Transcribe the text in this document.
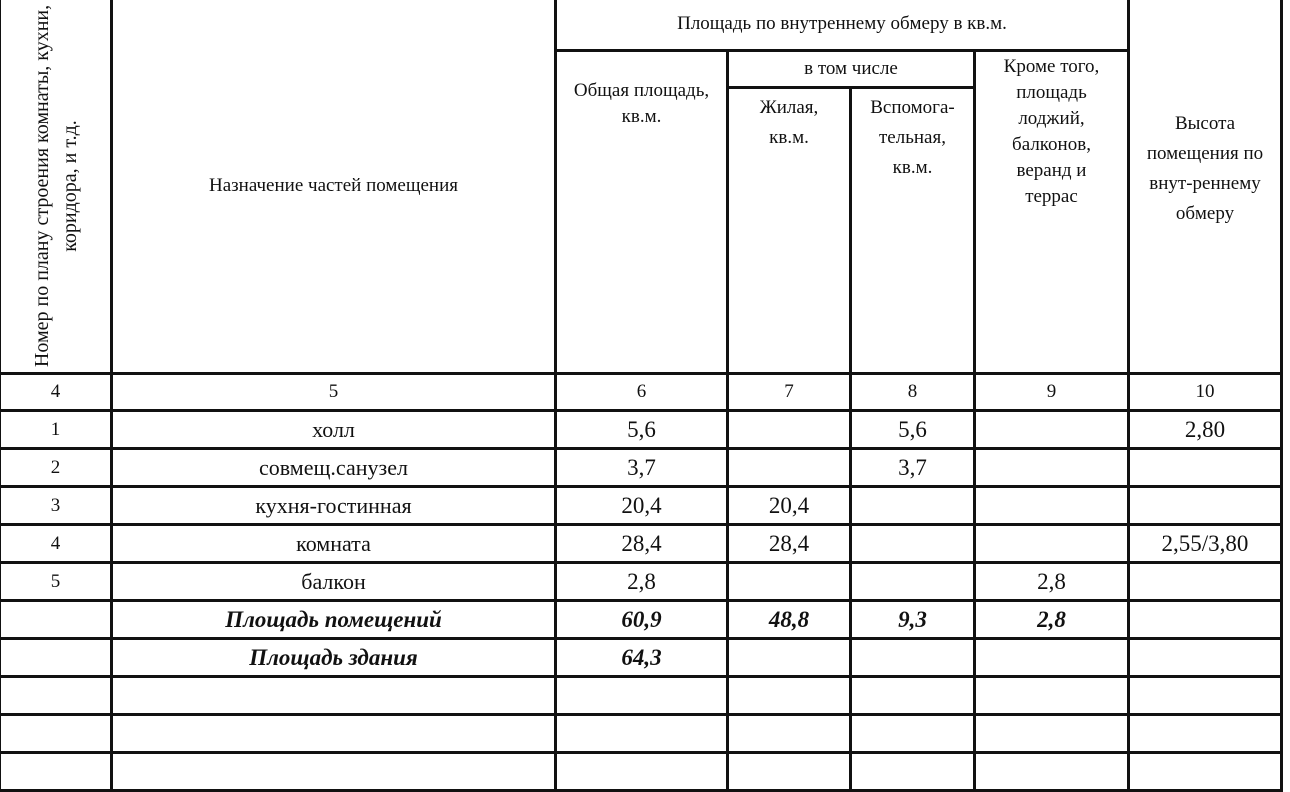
Номер по плану строения комнаты, кухни, коридора, и т.д.	Назначение частей помещения	Площадь по внутреннему обмеру в кв.м.				Высота помещения по внут-реннему обмеру

		Общая площадь, кв.м.	в том числе		Кроме того, площадь лоджий, балконов, веранд и террас	

			Жилая, кв.м.	Вспомога-тельная, кв.м.		

4	5	6	7	8	9	10
1	холл	5,6		5,6		2,80
2	совмещ.санузел	3,7		3,7		
3	кухня-гостинная	20,4	20,4			
4	комната	28,4	28,4			2,55/3,80
5	балкон	2,8			2,8	
	Площадь помещений	60,9	48,8	9,3	2,8	
	Площадь здания	64,3				
